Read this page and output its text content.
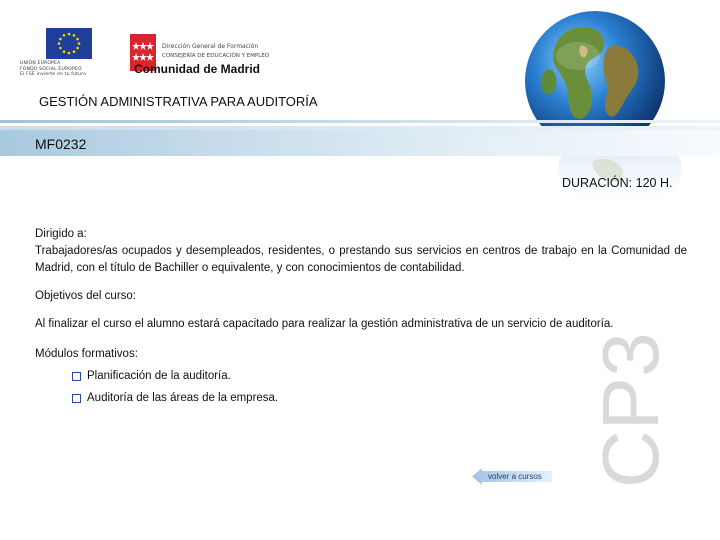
UNIÓN EUROPEA
FONDO SOCIAL EUROPEO
El FSE invierte en tu futuro
Dirección General de Formación
CONSEJERÍA DE EDUCACIÓN Y EMPLEO
Comunidad de Madrid
GESTIÓN ADMINISTRATIVA PARA AUDITORÍA
MF0232
DURACIÓN: 120 H.
CP3
Dirigido a:
Trabajadores/as ocupados y desempleados, residentes, o prestando sus servicios en centros de trabajo en la Comunidad de Madrid, con el título de Bachiller o equivalente, y con conocimientos de contabilidad.
Objetivos del curso:
Al finalizar el curso el alumno estará capacitado para realizar la gestión administrativa de un servicio de auditoría.
Módulos formativos:
Planificación de la auditoría.
Auditoría de las áreas de la empresa.
volver a cursos
